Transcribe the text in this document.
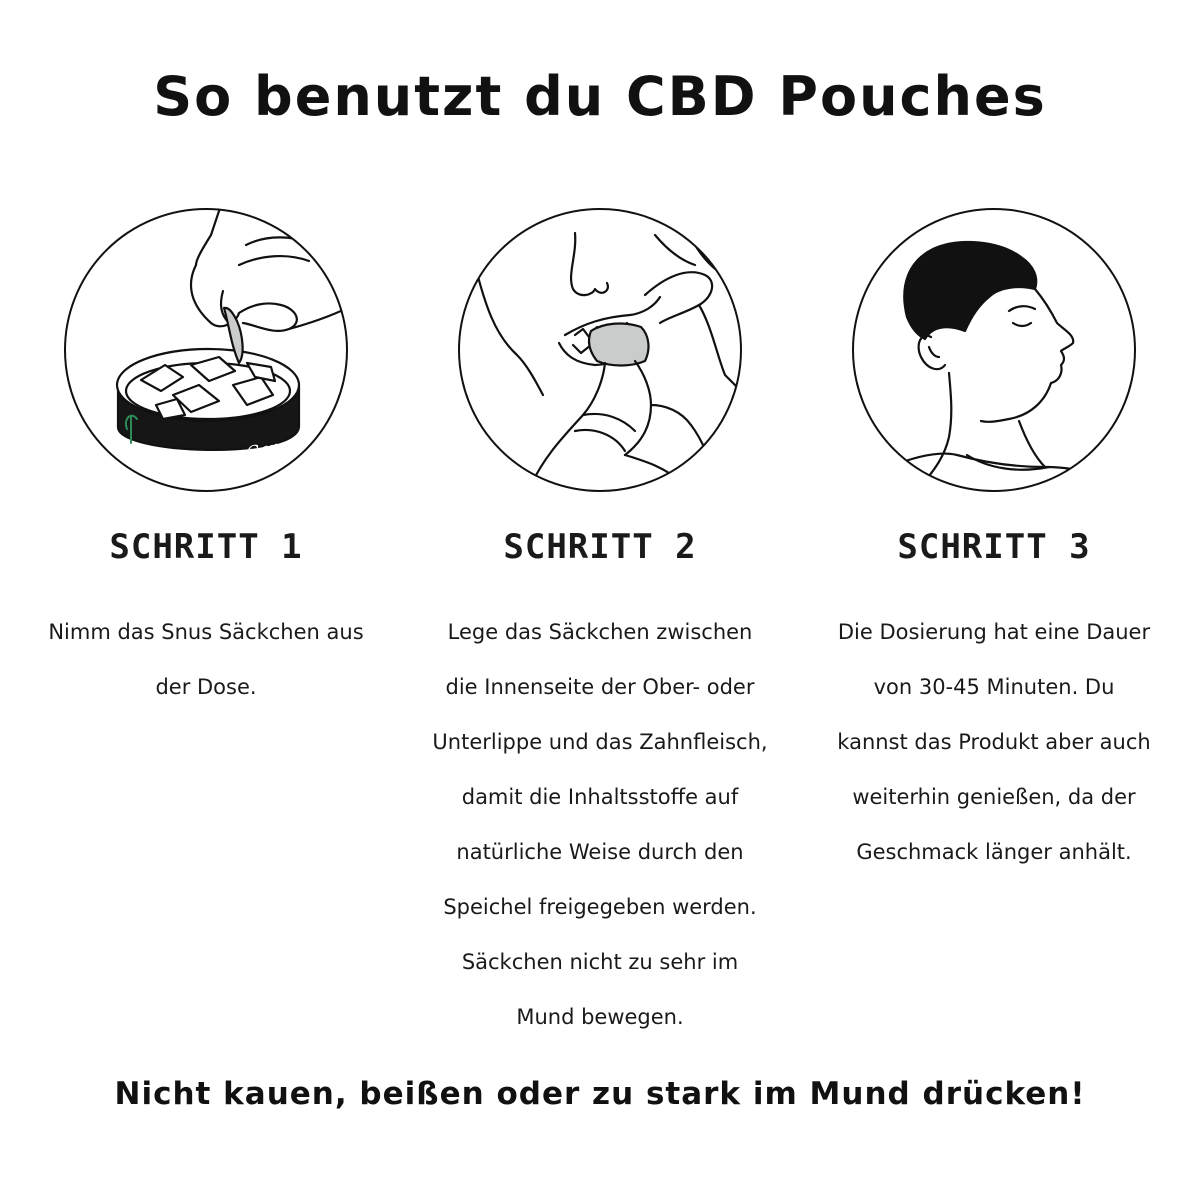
So benutzt du CBD Pouches
Cannadips
SCHRITT 1
Nimm das Snus Säckchen aus
der Dose.
SCHRITT 2
Lege das Säckchen zwischen
die Innenseite der Ober- oder
Unterlippe und das Zahnfleisch,
damit die Inhaltsstoffe auf
natürliche Weise durch den
Speichel freigegeben werden.
Säckchen nicht zu sehr im
Mund bewegen.
SCHRITT 3
Die Dosierung hat eine Dauer
von 30-45 Minuten. Du
kannst das Produkt aber auch
weiterhin genießen, da der
Geschmack länger anhält.
Nicht kauen, beißen oder zu stark im Mund drücken!
